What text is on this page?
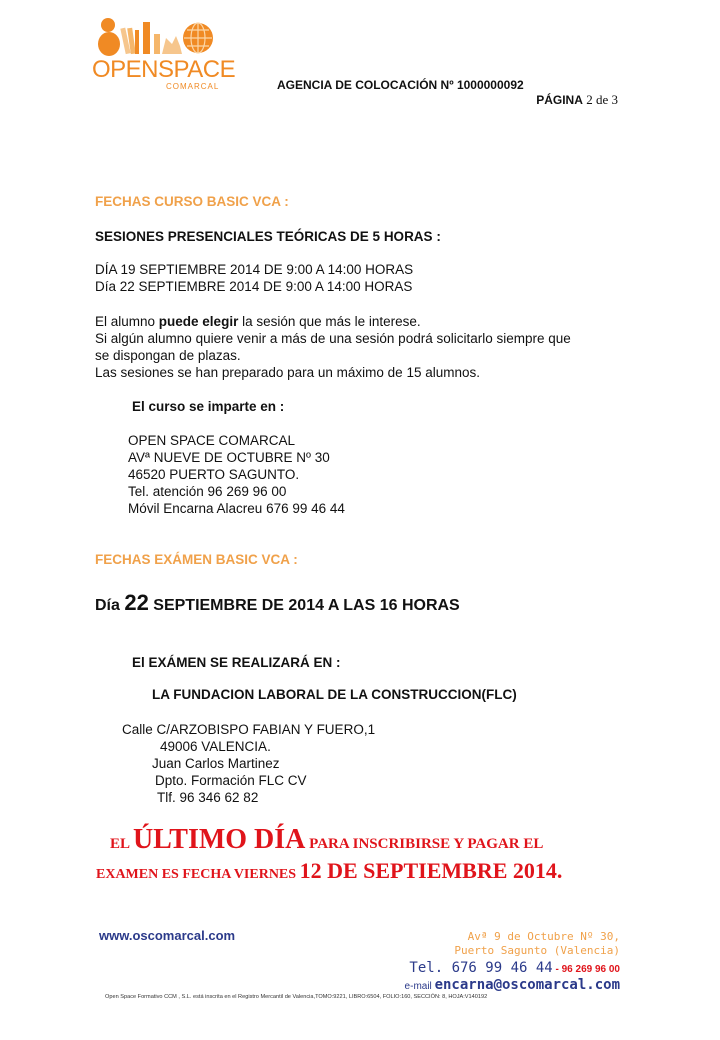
OPENSPACE
COMARCAL	AGENCIA DE COLOCACIÓN Nº 1000000092
PÁGINA 2 de 3
FECHAS CURSO BASIC VCA :
SESIONES PRESENCIALES TEÓRICAS DE 5 HORAS :
DÍA 19 SEPTIEMBRE 2014 DE 9:00 A 14:00 HORAS
Día 22 SEPTIEMBRE 2014 DE 9:00 A 14:00 HORAS
El alumno puede elegir la sesión que más le interese.
Si algún alumno quiere venir a más de una sesión podrá solicitarlo siempre que
se dispongan de plazas.
Las sesiones se han preparado para un máximo de 15 alumnos.
El curso se imparte en :
OPEN SPACE COMARCAL
AVª NUEVE DE OCTUBRE Nº 30
46520 PUERTO SAGUNTO.
Tel. atención 96 269 96 00
Móvil Encarna Alacreu 676 99 46 44
FECHAS EXÁMEN BASIC VCA :
Día 22 SEPTIEMBRE DE 2014 A LAS 16 HORAS
El EXÁMEN SE REALIZARÁ EN :
LA FUNDACION LABORAL DE LA CONSTRUCCION(FLC)
Calle C/ARZOBISPO FABIAN Y FUERO,1
49006 VALENCIA.
Juan Carlos Martinez
Dpto. Formación FLC CV
Tlf. 96 346 62 82
EL ÚLTIMO DÍA PARA INSCRIBIRSE Y PAGAR EL
EXAMEN ES FECHA VIERNES 12 DE SEPTIEMBRE 2014.
www.oscomarcal.com	Avª 9 de Octubre Nº 30,
Puerto Sagunto (Valencia)
Tel. 676 99 46 44 - 96 269 96 00
e-mail encarna@oscomarcal.com
Open Space Formativo CCM , S.L. está inscrita en el Registro Mercantil de Valencia,TOMO:9221, LIBRO:6504, FOLIO:160, SECCIÓN: 8, HOJA:V140192
